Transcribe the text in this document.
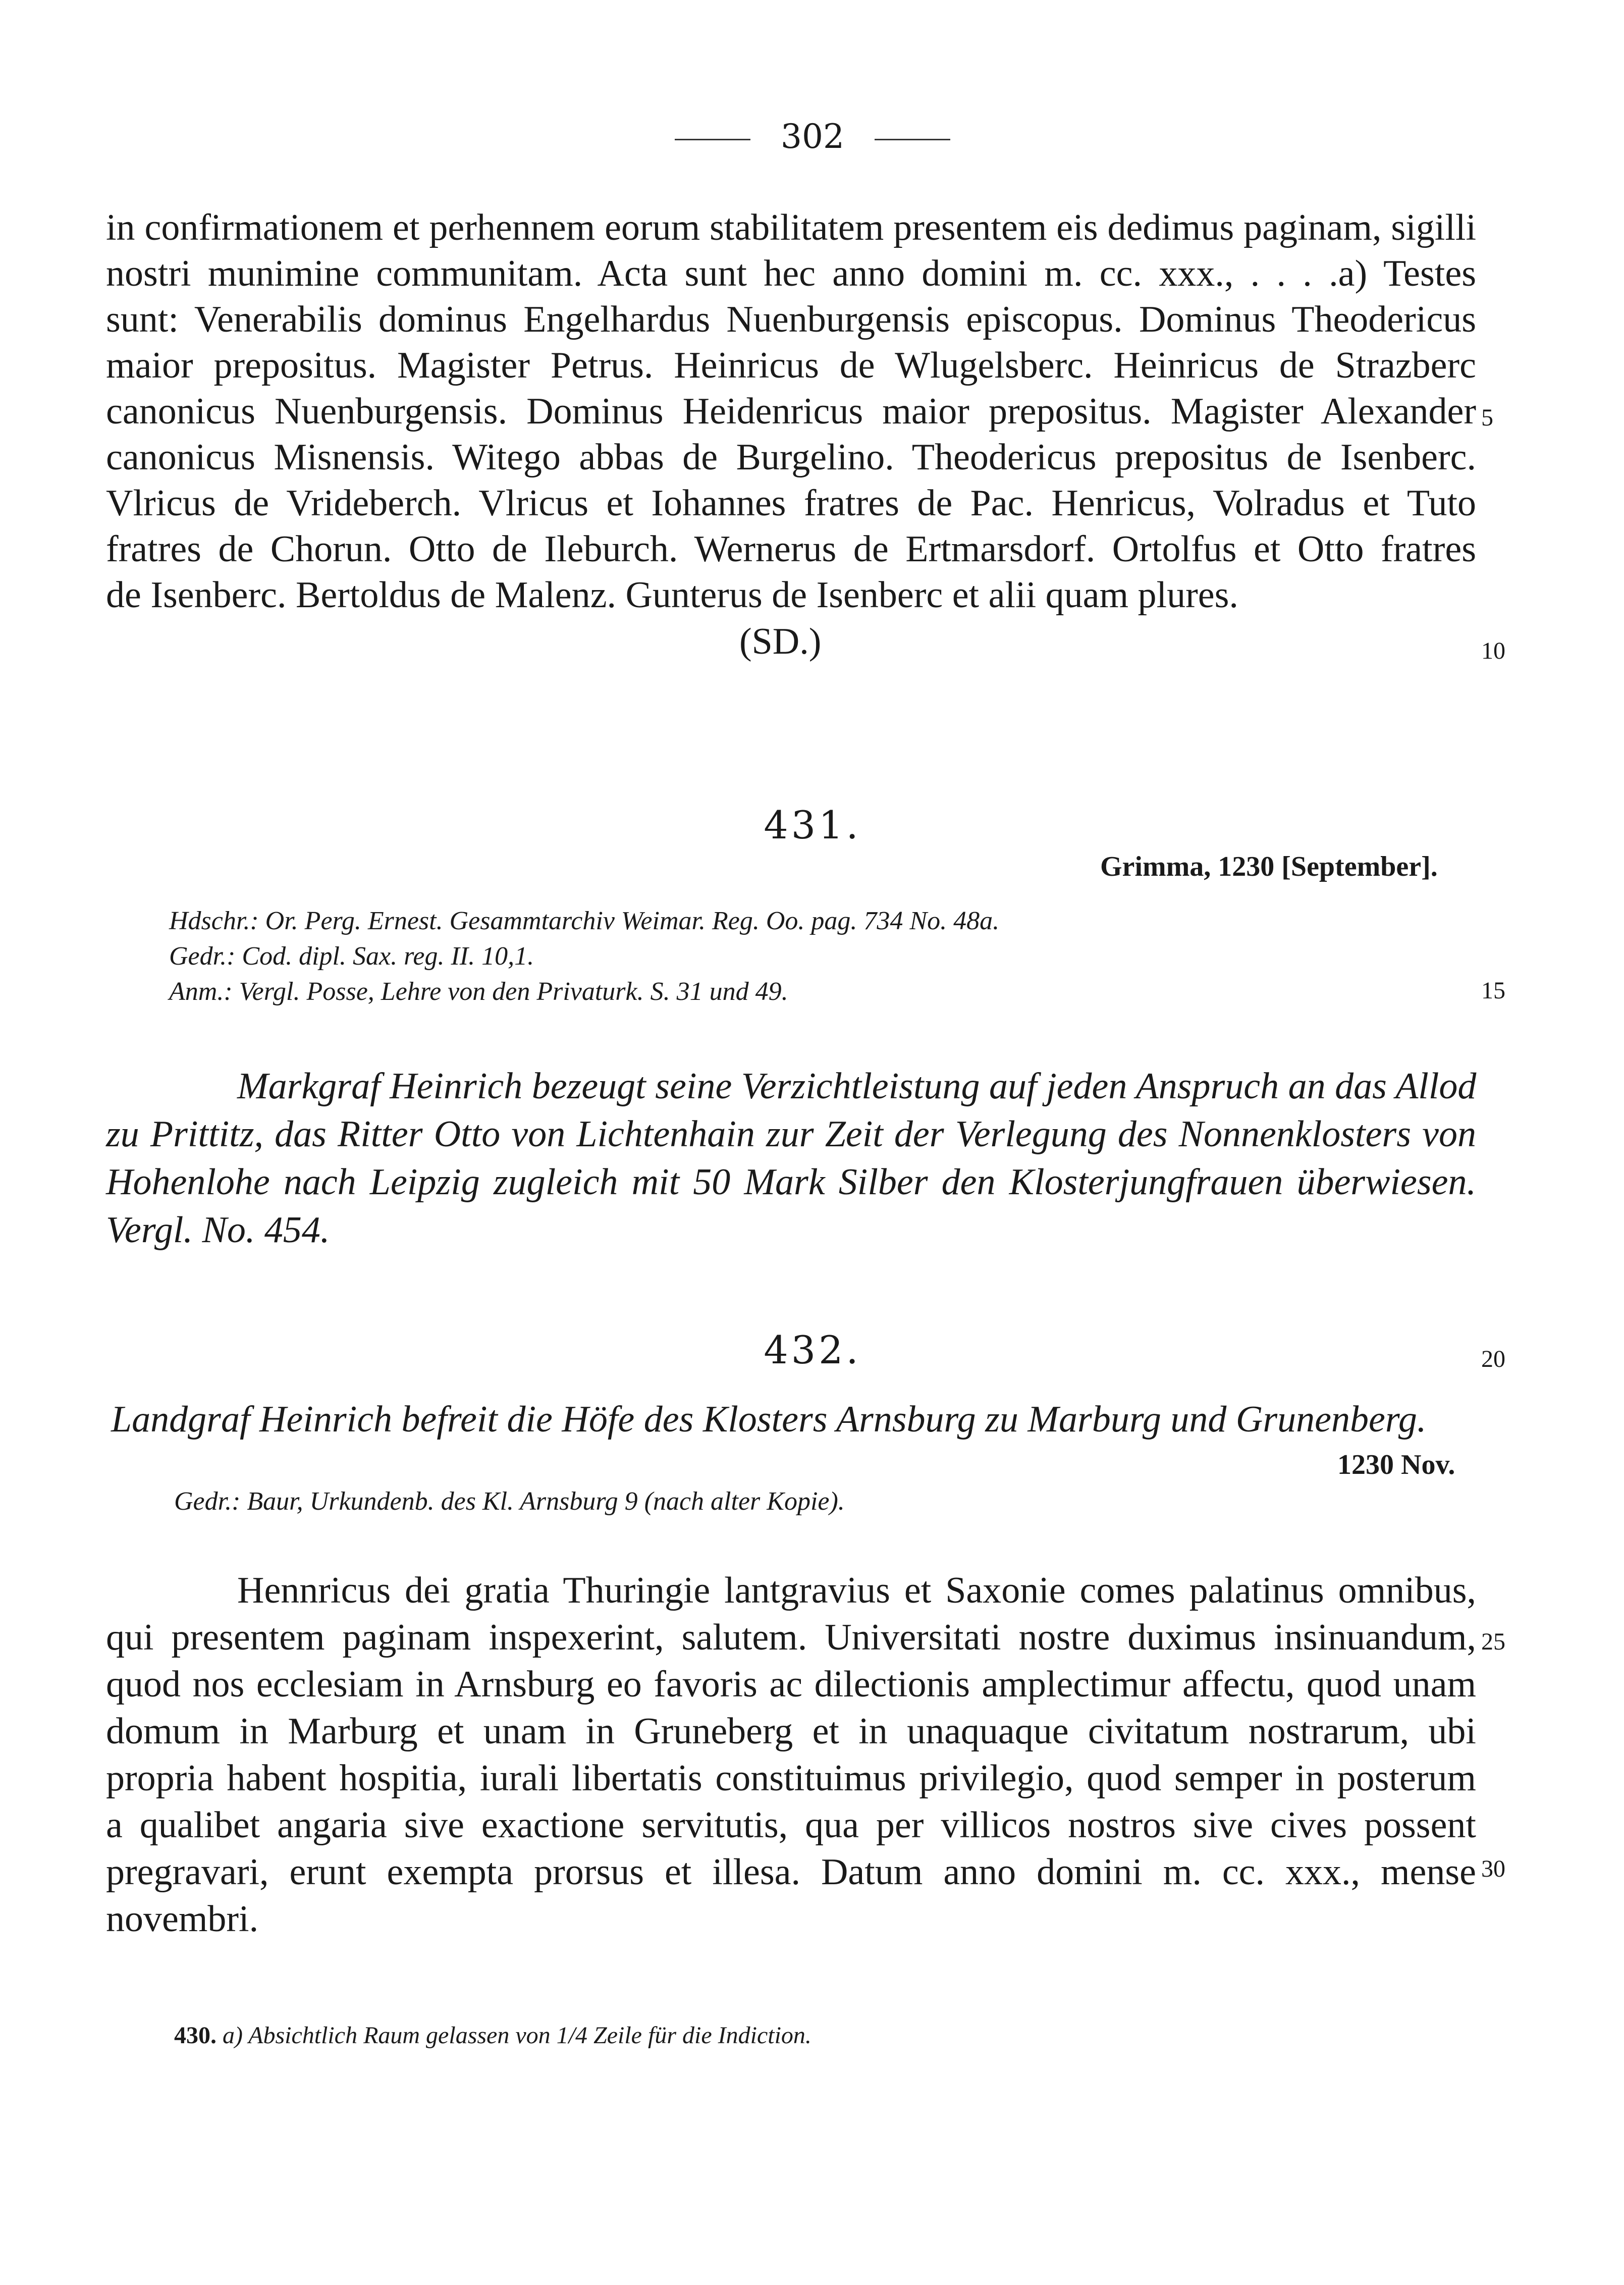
302
in confirmationem et perhennem eorum stabilitatem presentem eis dedimus paginam, sigilli
nostri munimine communitam. Acta sunt hec anno domini m. cc. xxx., . . . .a) Testes
sunt: Venerabilis dominus Engelhardus Nuenburgensis episcopus. Dominus Theodericus
maior prepositus. Magister Petrus. Heinricus de Wlugelsberc. Heinricus de Strazberc
canonicus Nuenburgensis. Dominus Heidenricus maior prepositus. Magister Alexander
canonicus Misnensis. Witego abbas de Burgelino. Theodericus prepositus de Isenberc.
Vlricus de Vrideberch. Vlricus et Iohannes fratres de Pac. Henricus, Volradus et Tuto
fratres de Chorun. Otto de Ileburch. Wernerus de Ertmarsdorf. Ortolfus et Otto fratres
de Isenberc. Bertoldus de Malenz. Gunterus de Isenberc et alii quam plures.
(SD.)
5
10
15
20
25
30
431.
Grimma, 1230 [September].
Hdschr.: Or. Perg. Ernest. Gesammtarchiv Weimar. Reg. Oo. pag. 734 No. 48a.
Gedr.: Cod. dipl. Sax. reg. II. 10,1.
Anm.: Vergl. Posse, Lehre von den Privaturk. S. 31 und 49.
Markgraf Heinrich bezeugt seine Verzichtleistung auf jeden Anspruch an das Allod
zu Prittitz, das Ritter Otto von Lichtenhain zur Zeit der Verlegung des Nonnenklosters von
Hohenlohe nach Leipzig zugleich mit 50 Mark Silber den Klosterjungfrauen überwiesen.
Vergl. No. 454.
432.
Landgraf Heinrich befreit die Höfe des Klosters Arnsburg zu Marburg und Grunenberg.
1230 Nov.
Gedr.: Baur, Urkundenb. des Kl. Arnsburg 9 (nach alter Kopie).
Hennricus dei gratia Thuringie lantgravius et Saxonie comes palatinus omnibus,
qui presentem paginam inspexerint, salutem. Universitati nostre duximus insinuandum,
quod nos ecclesiam in Arnsburg eo favoris ac dilectionis amplectimur affectu, quod unam
domum in Marburg et unam in Gruneberg et in unaquaque civitatum nostrarum, ubi
propria habent hospitia, iurali libertatis constituimus privilegio, quod semper in posterum
a qualibet angaria sive exactione servitutis, qua per villicos nostros sive cives possent
pregravari, erunt exempta prorsus et illesa. Datum anno domini m. cc. xxx., mense
novembri.
430. a) Absichtlich Raum gelassen von 1/4 Zeile für die Indiction.
